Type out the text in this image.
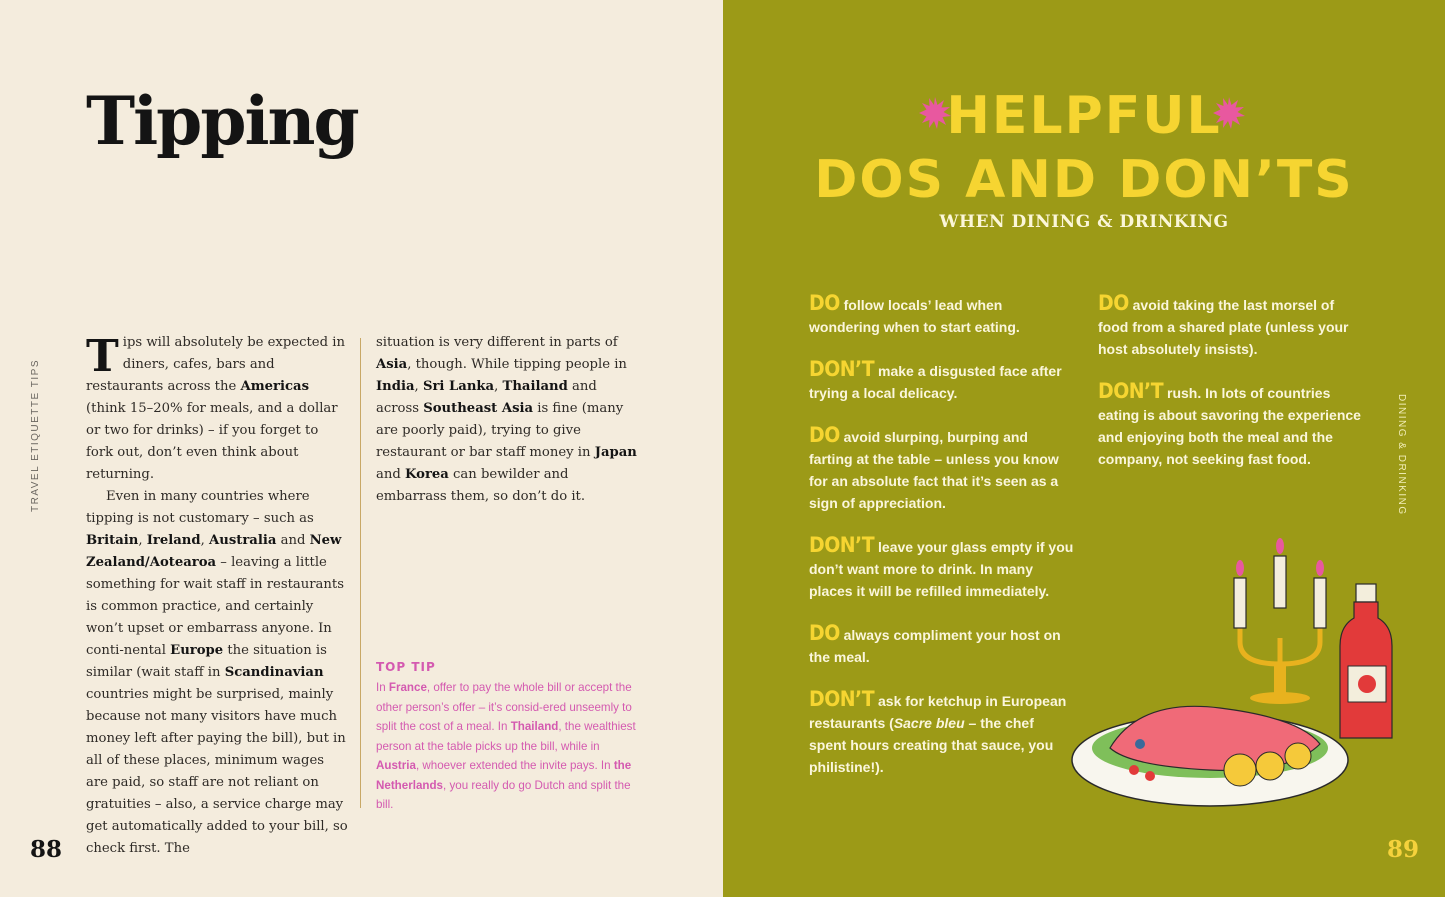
Tipping
TRAVEL ETIQUETTE TIPS

Tips will absolutely be expected in diners, cafes, bars and restaurants across the Americas (think 15–20% for meals, and a dollar or two for drinks) – if you forget to fork out, don’t even think about returning.

Even in many countries where tipping is not customary – such as Britain, Ireland, Australia and New Zealand/Aotearoa – leaving a little something for wait staff in restaurants is common practice, and certainly won’t upset or embarrass anyone. In conti-nental Europe the situation is similar (wait staff in Scandinavian countries might be surprised, mainly because not many visitors have much money left after paying the bill), but in all of these places, minimum wages are paid, so staff are not reliant on gratuities – also, a service charge may get automatically added to your bill, so check first. The

situation is very different in parts of Asia, though. While tipping people in India, Sri Lanka, Thailand and across Southeast Asia is fine (many are poorly paid), trying to give restaurant or bar staff money in Japan and Korea can bewilder and embarrass them, so don’t do it.

TOP TIP

In France, offer to pay the whole bill or accept the other person’s offer – it’s consid-ered unseemly to split the cost of a meal. In Thailand, the wealthiest person at the table picks up the bill, while in Austria, whoever extended the invite pays. In the Netherlands, you really do go Dutch and split the bill.

88
HELPFUL
DOS AND DON’TS
WHEN DINING & DRINKING
DO follow locals’ lead when wondering when to start eating.
DON’T make a disgusted face after trying a local delicacy.
DO avoid slurping, burping and farting at the table – unless you know for an absolute fact that it’s seen as a sign of appreciation.
DON’T leave your glass empty if you don’t want more to drink. In many places it will be refilled immediately.
DO always compliment your host on the meal.
DON’T ask for ketchup in European restaurants (Sacre bleu – the chef spent hours creating that sauce, you philistine!).
DO avoid taking the last morsel of food from a shared plate (unless your host absolutely insists).
DON’T rush. In lots of countries eating is about savoring the experience and enjoying both the meal and the company, not seeking fast food.	DINING & DRINKING
89
